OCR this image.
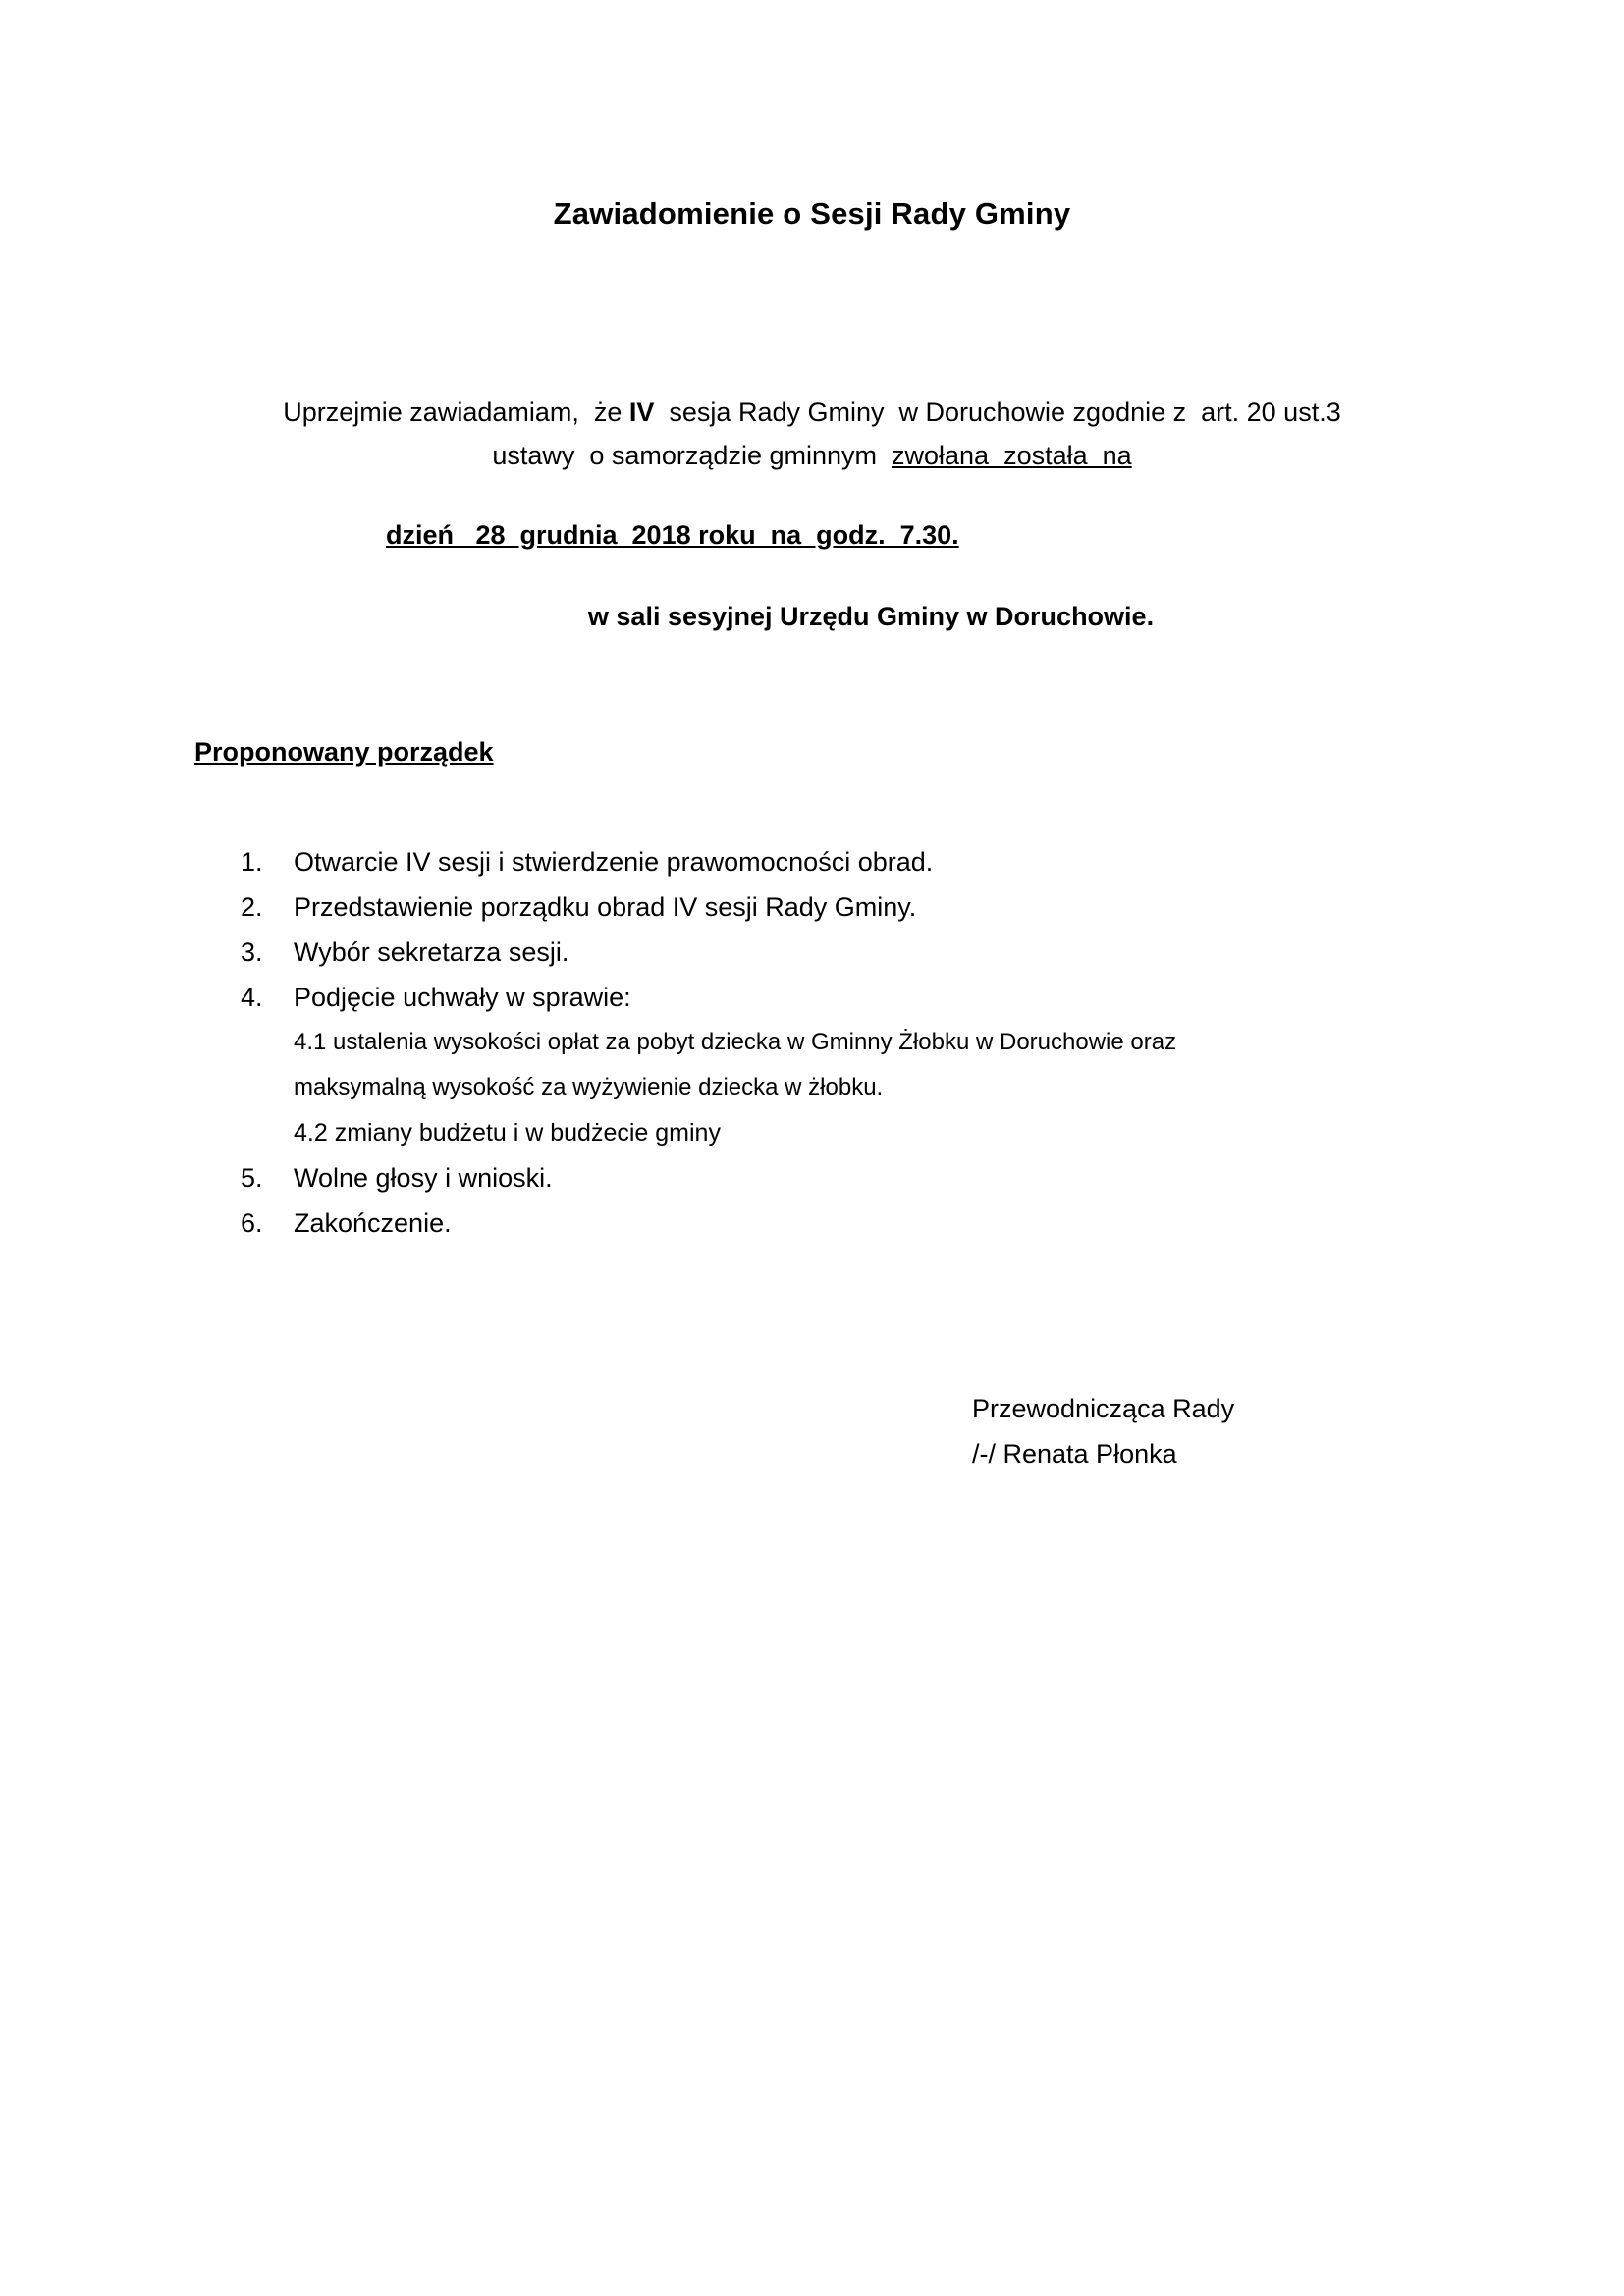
Zawiadomienie o Sesji Rady Gminy
Uprzejmie zawiadamiam,  że IV  sesja Rady Gminy  w Doruchowie zgodnie z  art. 20 ust.3
ustawy  o samorządzie gminnym  zwołana  została  na
dzień   28  grudnia  2018 roku  na  godz.  7.30.
w sali sesyjnej Urzędu Gminy w Doruchowie.
Proponowany porządek
1. Otwarcie IV sesji i stwierdzenie prawomocności obrad.
2. Przedstawienie porządku obrad IV sesji Rady Gminy.
3. Wybór sekretarza sesji.
4. Podjęcie uchwały w sprawie:
4.1 ustalenia wysokości opłat za pobyt dziecka w Gminny Żłobku w Doruchowie oraz
maksymalną wysokość za wyżywienie dziecka w żłobku.
4.2 zmiany budżetu i w budżecie gminy
5. Wolne głosy i wnioski.
6. Zakończenie.
Przewodnicząca Rady
/-/ Renata Płonka
